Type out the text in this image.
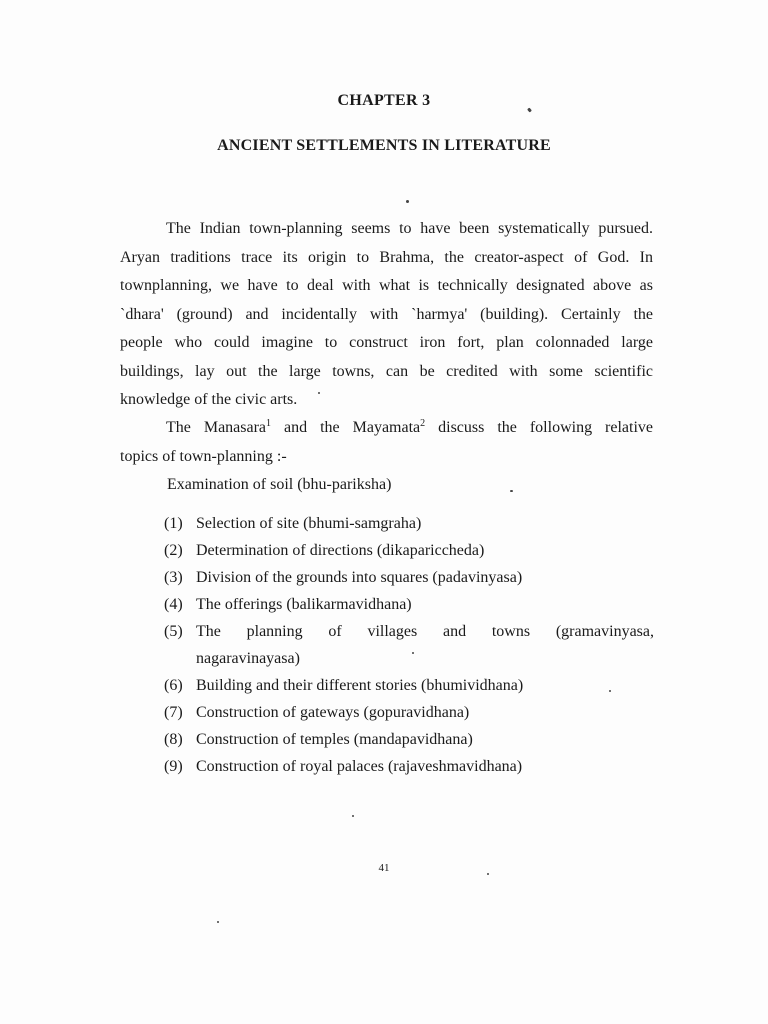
CHAPTER 3
ANCIENT SETTLEMENTS IN LITERATURE
The Indian town-planning seems to have been systematically pursued.
Aryan traditions trace its origin to Brahma, the creator-aspect of God. In
townplanning, we have to deal with what is technically designated above as
`dhara' (ground) and incidentally with `harmya' (building). Certainly the
people who could imagine to construct iron fort, plan colonnaded large
buildings, lay out the large towns, can be credited with some scientific
knowledge of the civic arts.
The Manasara$^1$ and the Mayamata$^2$ discuss the following relative
topics of town-planning :-
Examination of soil (bhu-pariksha)
(1) Selection of site (bhumi-samgraha)
(2) Determination of directions (dikapariccheda)
(3) Division of the grounds into squares (padavinyasa)
(4) The offerings (balikarmavidhana)
(5) The planning of villages and towns (gramavinyasa,
nagaravinayasa)
(6) Building and their different stories (bhumividhana)
(7) Construction of gateways (gopuravidhana)
(8) Construction of temples (mandapavidhana)
(9) Construction of royal palaces (rajaveshmavidhana)
41
